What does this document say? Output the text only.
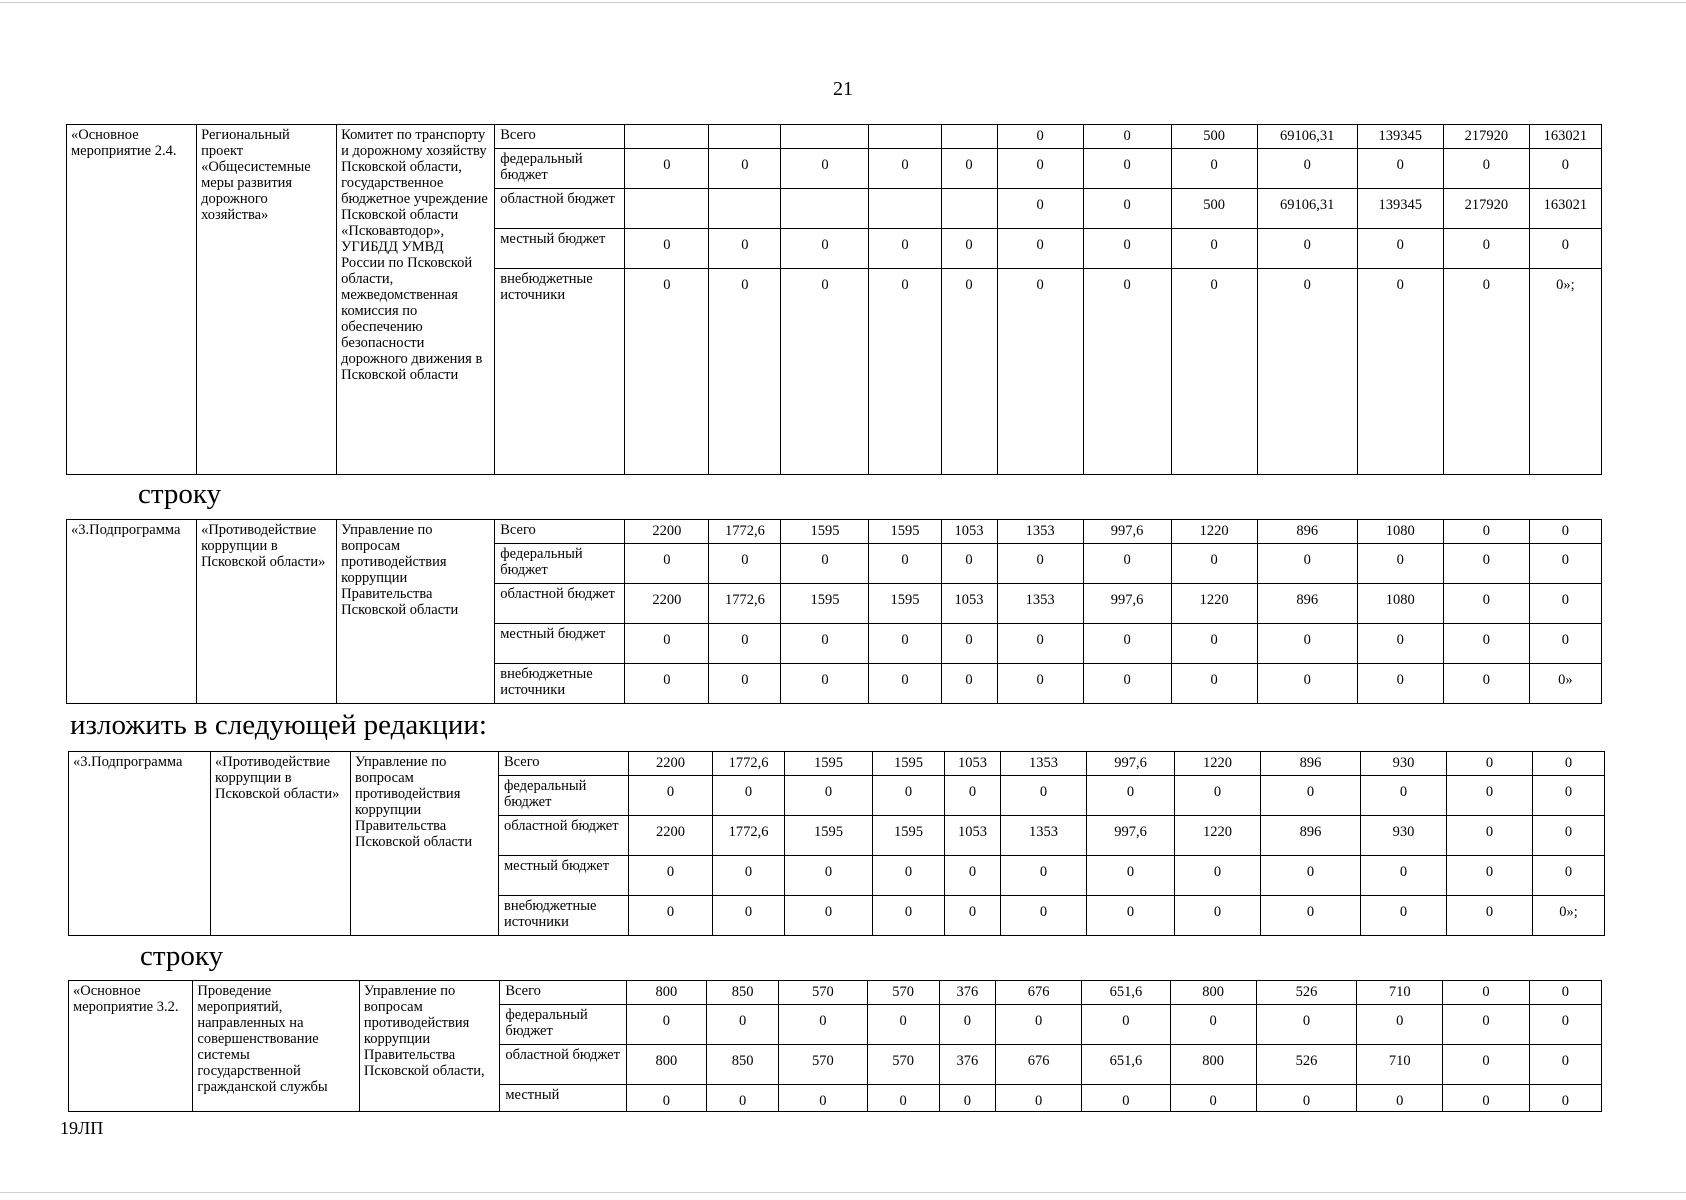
21
«Основное мероприятие 2.4.	Региональный проект «Общесистемные меры развития дорожного хозяйства»	Комитет по транспорту и дорожному хозяйству Псковской области, государственное бюджетное учреждение Псковской области «Псковавтодор», УГИБДД УМВД России по Псковской области, межведомственная комиссия по обеспечению безопасности дорожного движения в Псковской области	Всего						0	0	500	69106,31	139345	217920	163021
			федеральный бюджет	0	0	0	0	0	0	0	0	0	0	0	0
			областной бюджет						0	0	500	69106,31	139345	217920	163021
			местный бюджет	0	0	0	0	0	0	0	0	0	0	0	0
			внебюджетные источники	0	0	0	0	0	0	0	0	0	0	0	0»;
строку
«3.Подпрограмма	«Противодействие коррупции в Псковской области»	Управление по вопросам противодействия коррупции Правительства Псковской области	Всего	2200	1772,6	1595	1595	1053	1353	997,6	1220	896	1080	0	0
			федеральный бюджет	0	0	0	0	0	0	0	0	0	0	0	0
			областной бюджет	2200	1772,6	1595	1595	1053	1353	997,6	1220	896	1080	0	0
			местный бюджет	0	0	0	0	0	0	0	0	0	0	0	0
			внебюджетные источники	0	0	0	0	0	0	0	0	0	0	0	0»
изложить в следующей редакции:
«3.Подпрограмма	«Противодействие коррупции в Псковской области»	Управление по вопросам противодействия коррупции Правительства Псковской области	Всего	2200	1772,6	1595	1595	1053	1353	997,6	1220	896	930	0	0
			федеральный бюджет	0	0	0	0	0	0	0	0	0	0	0	0
			областной бюджет	2200	1772,6	1595	1595	1053	1353	997,6	1220	896	930	0	0
			местный бюджет	0	0	0	0	0	0	0	0	0	0	0	0
			внебюджетные источники	0	0	0	0	0	0	0	0	0	0	0	0»;
строку
«Основное мероприятие 3.2.	Проведение мероприятий, направленных на совершенствование системы государственной гражданской службы	Управление по вопросам противодействия коррупции Правительства Псковской области,	Всего	800	850	570	570	376	676	651,6	800	526	710	0	0
			федеральный бюджет	0	0	0	0	0	0	0	0	0	0	0	0
			областной бюджет	800	850	570	570	376	676	651,6	800	526	710	0	0
			местный	0	0	0	0	0	0	0	0	0	0	0	0
19ЛП
